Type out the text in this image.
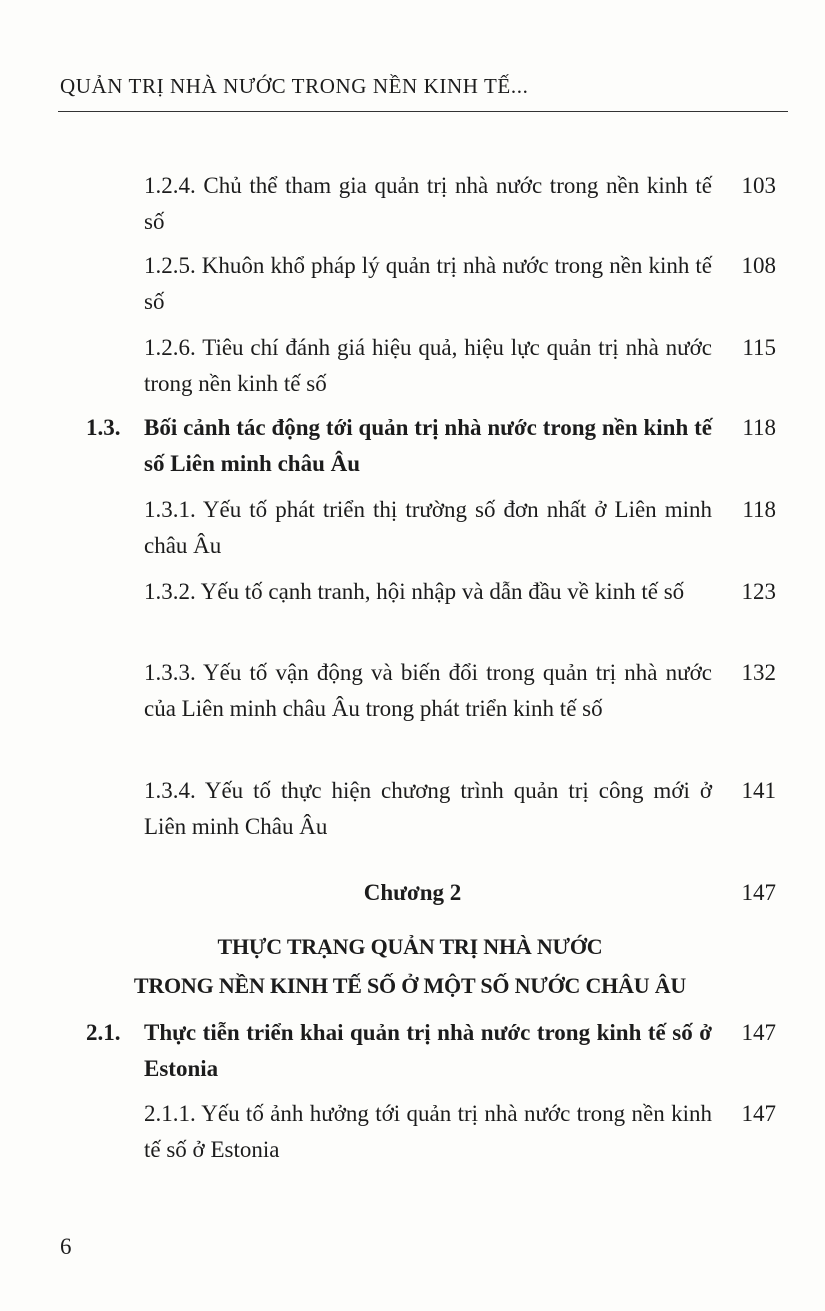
QUẢN TRỊ NHÀ NƯỚC TRONG NỀN KINH TẾ...
1.2.4. Chủ thể tham gia quản trị nhà nước trong nền kinh tế số
103
1.2.5. Khuôn khổ pháp lý quản trị nhà nước trong nền kinh tế số
108
1.2.6. Tiêu chí đánh giá hiệu quả, hiệu lực quản trị nhà nước trong nền kinh tế số
115
1.3. Bối cảnh tác động tới quản trị nhà nước trong nền kinh tế số Liên minh châu Âu
118
1.3.1. Yếu tố phát triển thị trường số đơn nhất ở Liên minh châu Âu
118
1.3.2. Yếu tố cạnh tranh, hội nhập và dẫn đầu về kinh tế số	123
1.3.3. Yếu tố vận động và biến đổi trong quản trị nhà nước của Liên minh châu Âu trong phát triển kinh tế số
132
1.3.4. Yếu tố thực hiện chương trình quản trị công mới ở Liên minh Châu Âu
141
Chương 2	147
THỰC TRẠNG QUẢN TRỊ NHÀ NƯỚC
TRONG NỀN KINH TẾ SỐ Ở MỘT SỐ NƯỚC CHÂU ÂU
2.1. Thực tiễn triển khai quản trị nhà nước trong kinh tế số ở Estonia
147
2.1.1. Yếu tố ảnh hưởng tới quản trị nhà nước trong nền kinh tế số ở Estonia
147
6
